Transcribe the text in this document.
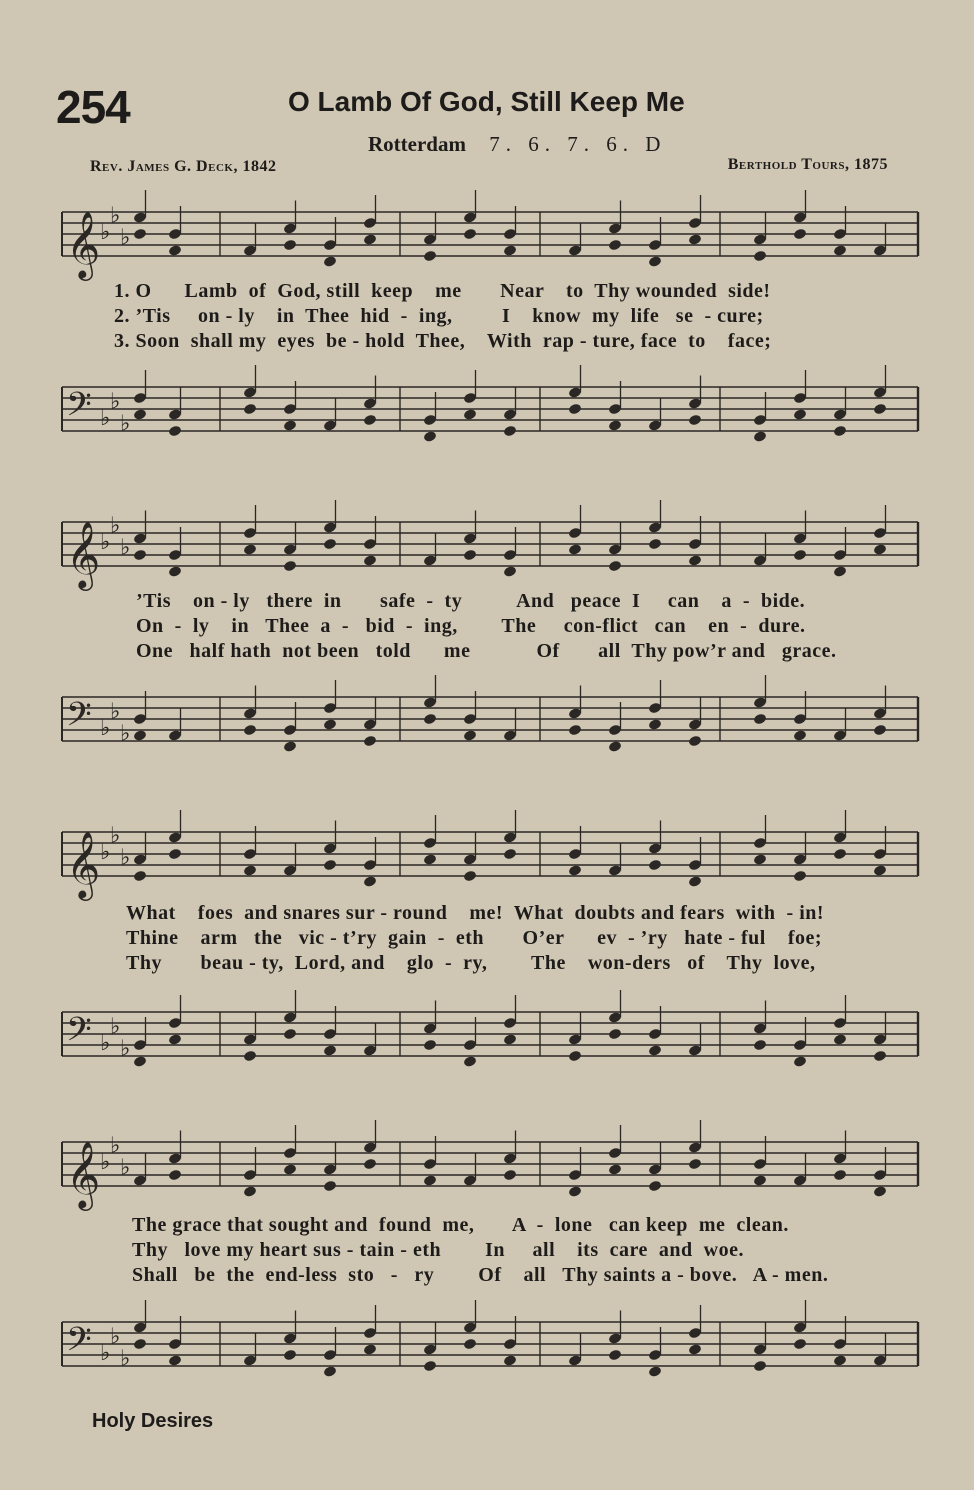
254	O Lamb Of God, Still Keep Me
Rotterdam 7. 6. 7. 6. D
Rev. James G. Deck, 1842	Berthold Tours, 1875
𝄞 ♭
♭
♭
1. O      Lamb  of  God, still  keep    me       Near    to  Thy wounded  side!
2. ’Tis     on - ly    in  Thee  hid  -  ing,         I    know  my  life   se  - cure;
3. Soon  shall my  eyes  be - hold  Thee,    With  rap - ture, face  to    face;
𝄢 ♭
♭
♭
𝄞 ♭
♭
♭
’Tis    on - ly   there  in       safe  -  ty          And   peace  I     can    a  -  bide.
On  -  ly    in   Thee  a  -   bid  -  ing,        The     con-flict   can    en  -  dure.
One   half hath  not been   told      me            Of       all  Thy pow’r and   grace.
𝄢 ♭
♭
♭
𝄞 ♭
♭
♭
What    foes  and snares sur - round    me!  What  doubts and fears  with  - in!
Thine    arm   the   vic - t’ry  gain  -  eth       O’er      ev  - ’ry   hate - ful    foe;
Thy       beau - ty,  Lord, and    glo  -  ry,        The    won-ders   of    Thy  love,
𝄢 ♭
♭
♭
𝄞 ♭
♭
♭
The grace that sought and  found  me,       A  -  lone   can keep  me  clean.
Thy   love my heart sus - tain - eth        In     all    its  care  and  woe.
Shall   be  the  end-less  sto   -   ry        Of    all   Thy saints a - bove.   A - men.
𝄢 ♭
♭
♭
Holy Desires
